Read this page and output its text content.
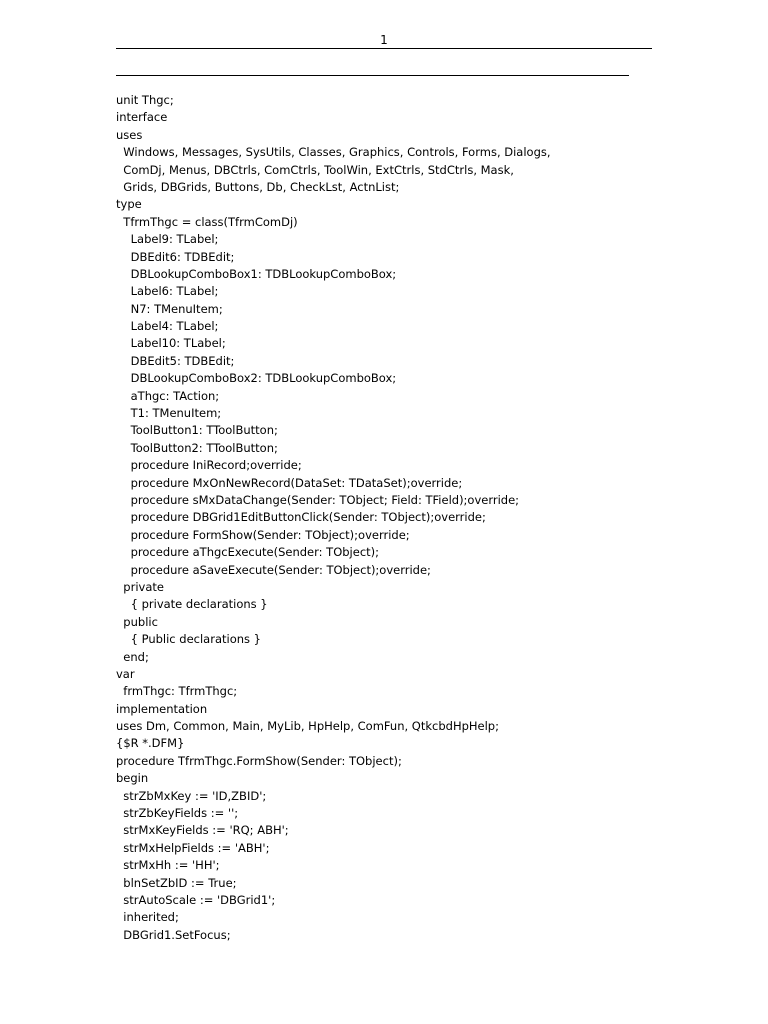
1
unit Thgc;
interface
uses
Windows, Messages, SysUtils, Classes, Graphics, Controls, Forms, Dialogs,
ComDj, Menus, DBCtrls, ComCtrls, ToolWin, ExtCtrls, StdCtrls, Mask,
Grids, DBGrids, Buttons, Db, CheckLst, ActnList;
type
TfrmThgc = class(TfrmComDj)
Label9: TLabel;
DBEdit6: TDBEdit;
DBLookupComboBox1: TDBLookupComboBox;
Label6: TLabel;
N7: TMenuItem;
Label4: TLabel;
Label10: TLabel;
DBEdit5: TDBEdit;
DBLookupComboBox2: TDBLookupComboBox;
aThgc: TAction;
T1: TMenuItem;
ToolButton1: TToolButton;
ToolButton2: TToolButton;
procedure IniRecord;override;
procedure MxOnNewRecord(DataSet: TDataSet);override;
procedure sMxDataChange(Sender: TObject; Field: TField);override;
procedure DBGrid1EditButtonClick(Sender: TObject);override;
procedure FormShow(Sender: TObject);override;
procedure aThgcExecute(Sender: TObject);
procedure aSaveExecute(Sender: TObject);override;
private
{ private declarations }
public
{ Public declarations }
end;
var
frmThgc: TfrmThgc;
implementation
uses Dm, Common, Main, MyLib, HpHelp, ComFun, QtkcbdHpHelp;
{$R *.DFM}
procedure TfrmThgc.FormShow(Sender: TObject);
begin
strZbMxKey := 'ID,ZBID';
strZbKeyFields := '';
strMxKeyFields := 'RQ; ABH';
strMxHelpFields := 'ABH';
strMxHh := 'HH';
blnSetZbID := True;
strAutoScale := 'DBGrid1';
inherited;
DBGrid1.SetFocus;
